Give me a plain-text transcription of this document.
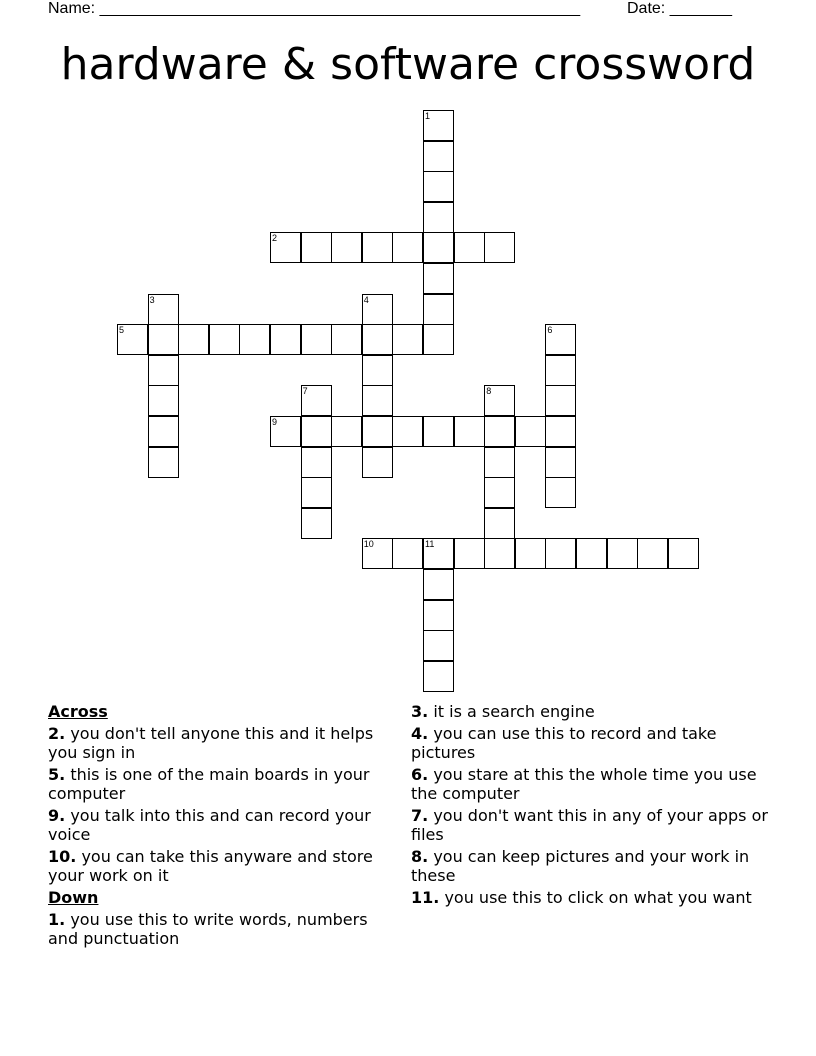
Name: ______________________________________________________	Date: _______
hardware & software crossword
1
2
3	4
5	6
7	8
9
10	11
Across
2. you don't tell anyone this and it helps you sign in
5. this is one of the main boards in your computer
9. you talk into this and can record your voice
10. you can take this anyware and store your work on it
Down
1. you use this to write words, numbers and punctuation
3. it is a search engine
4. you can use this to record and take pictures
6. you stare at this the whole time you use the computer
7. you don't want this in any of your apps or files
8. you can keep pictures and your work in these
11. you use this to click on what you want
